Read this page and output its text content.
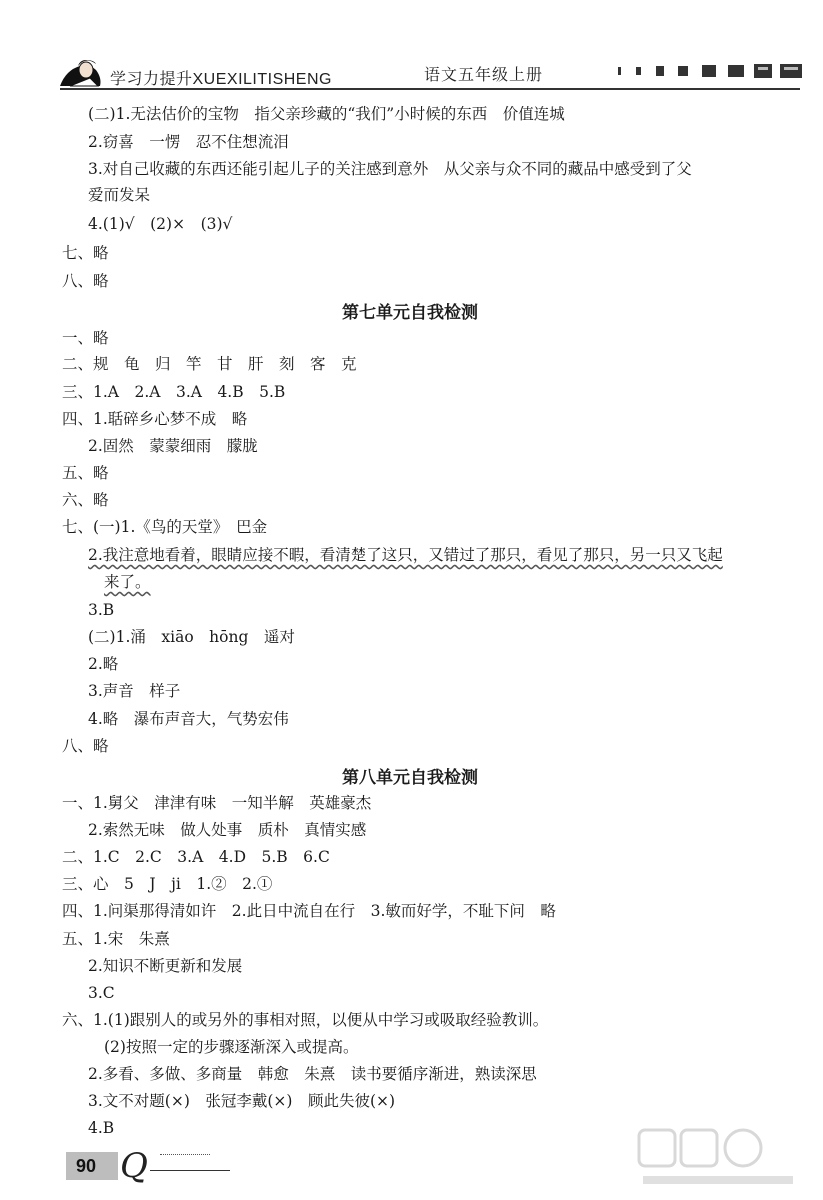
学习力提升XUEXILITISHENG	语文五年级上册
(二)1.无法估价的宝物　指父亲珍藏的“我们”小时候的东西　价值连城
2.窃喜　一愣　忍不住想流泪
3.对自己收藏的东西还能引起儿子的关注感到意外　从父亲与众不同的藏品中感受到了父
爱而发呆
4.(1)√　(2)×　(3)√
七、略
八、略
第七单元自我检测
一、略
二、规　龟　归　竿　甘　肝　刻　客　克
三、1.A　2.A　3.A　4.B　5.B
四、1.聒碎乡心梦不成　略
2.固然　蒙蒙细雨　朦胧
五、略
六、略
七、(一)1.《鸟的天堂》　巴金
2.我注意地看着，眼睛应接不暇，看清楚了这只，又错过了那只，看见了那只，另一只又飞起
来了。
3.B
(二)1.涌　xiāo　hōng　遥对
2.略
3.声音　样子
4.略　瀑布声音大，气势宏伟
八、略
第八单元自我检测
一、1.舅父　津津有味　一知半解　英雄豪杰
2.索然无味　做人处事　质朴　真情实感
二、1.C　2.C　3.A　4.D　5.B　6.C
三、心　5　J　ji　1.②　2.①
四、1.问渠那得清如许　2.此日中流自在行　3.敏而好学，不耻下问　略
五、1.宋　朱熹
2.知识不断更新和发展
3.C
六、1.(1)跟别人的或另外的事相对照，以便从中学习或吸取经验教训。
(2)按照一定的步骤逐渐深入或提高。
2.多看、多做、多商量　韩愈　朱熹　读书要循序渐进，熟读深思
3.文不对题(×)　张冠李戴(×)　顾此失彼(×)
4.B
90 Q
